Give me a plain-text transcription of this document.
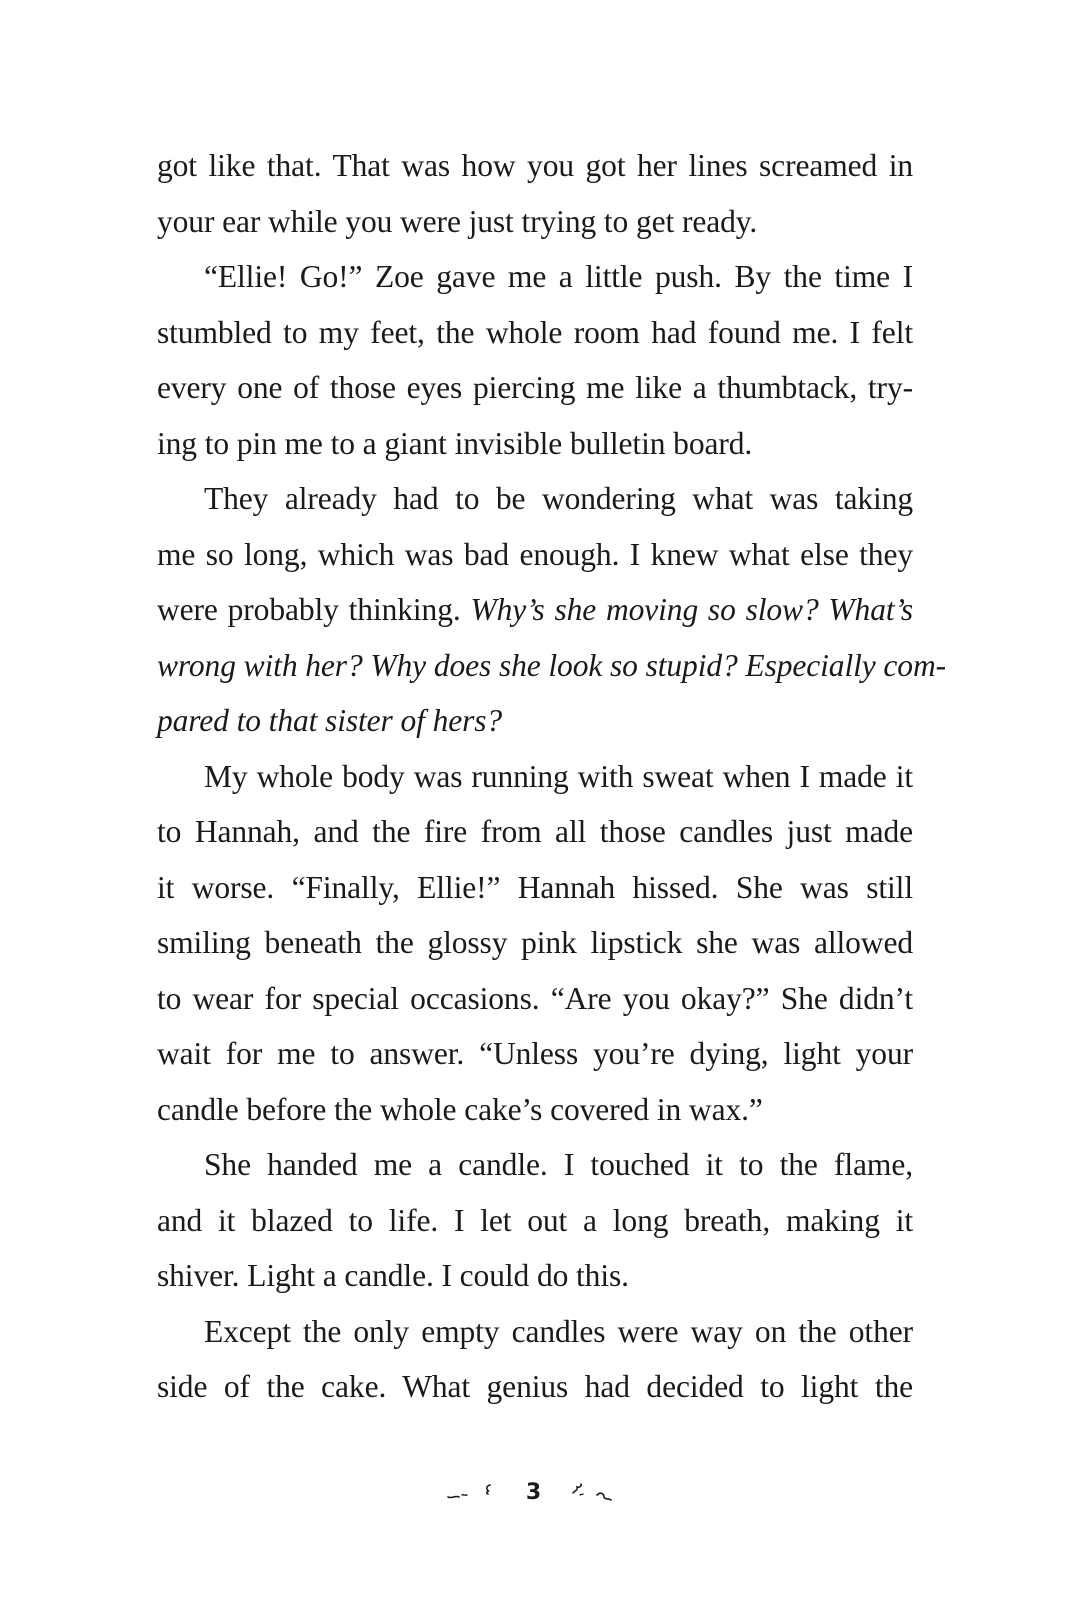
got like that. That was how you got her lines screamed in
your ear while you were just trying to get ready.
“Ellie! Go!” Zoe gave me a little push. By the time I
stumbled to my feet, the whole room had found me. I felt
every one of those eyes piercing me like a thumbtack, try-
ing to pin me to a giant invisible bulletin board.
They already had to be wondering what was taking
me so long, which was bad enough. I knew what else they
were probably thinking. Why’s she moving so slow? What’s
wrong with her? Why does she look so stupid? Especially com-
pared to that sister of hers?
My whole body was running with sweat when I made it
to Hannah, and the fire from all those candles just made
it worse. “Finally, Ellie!” Hannah hissed. She was still
smiling beneath the glossy pink lipstick she was allowed
to wear for special occasions. “Are you okay?” She didn’t
wait for me to answer. “Unless you’re dying, light your
candle before the whole cake’s covered in wax.”
She handed me a candle. I touched it to the flame,
and it blazed to life. I let out a long breath, making it
shiver. Light a candle. I could do this.
Except the only empty candles were way on the other
side of the cake. What genius had decided to light the
3
